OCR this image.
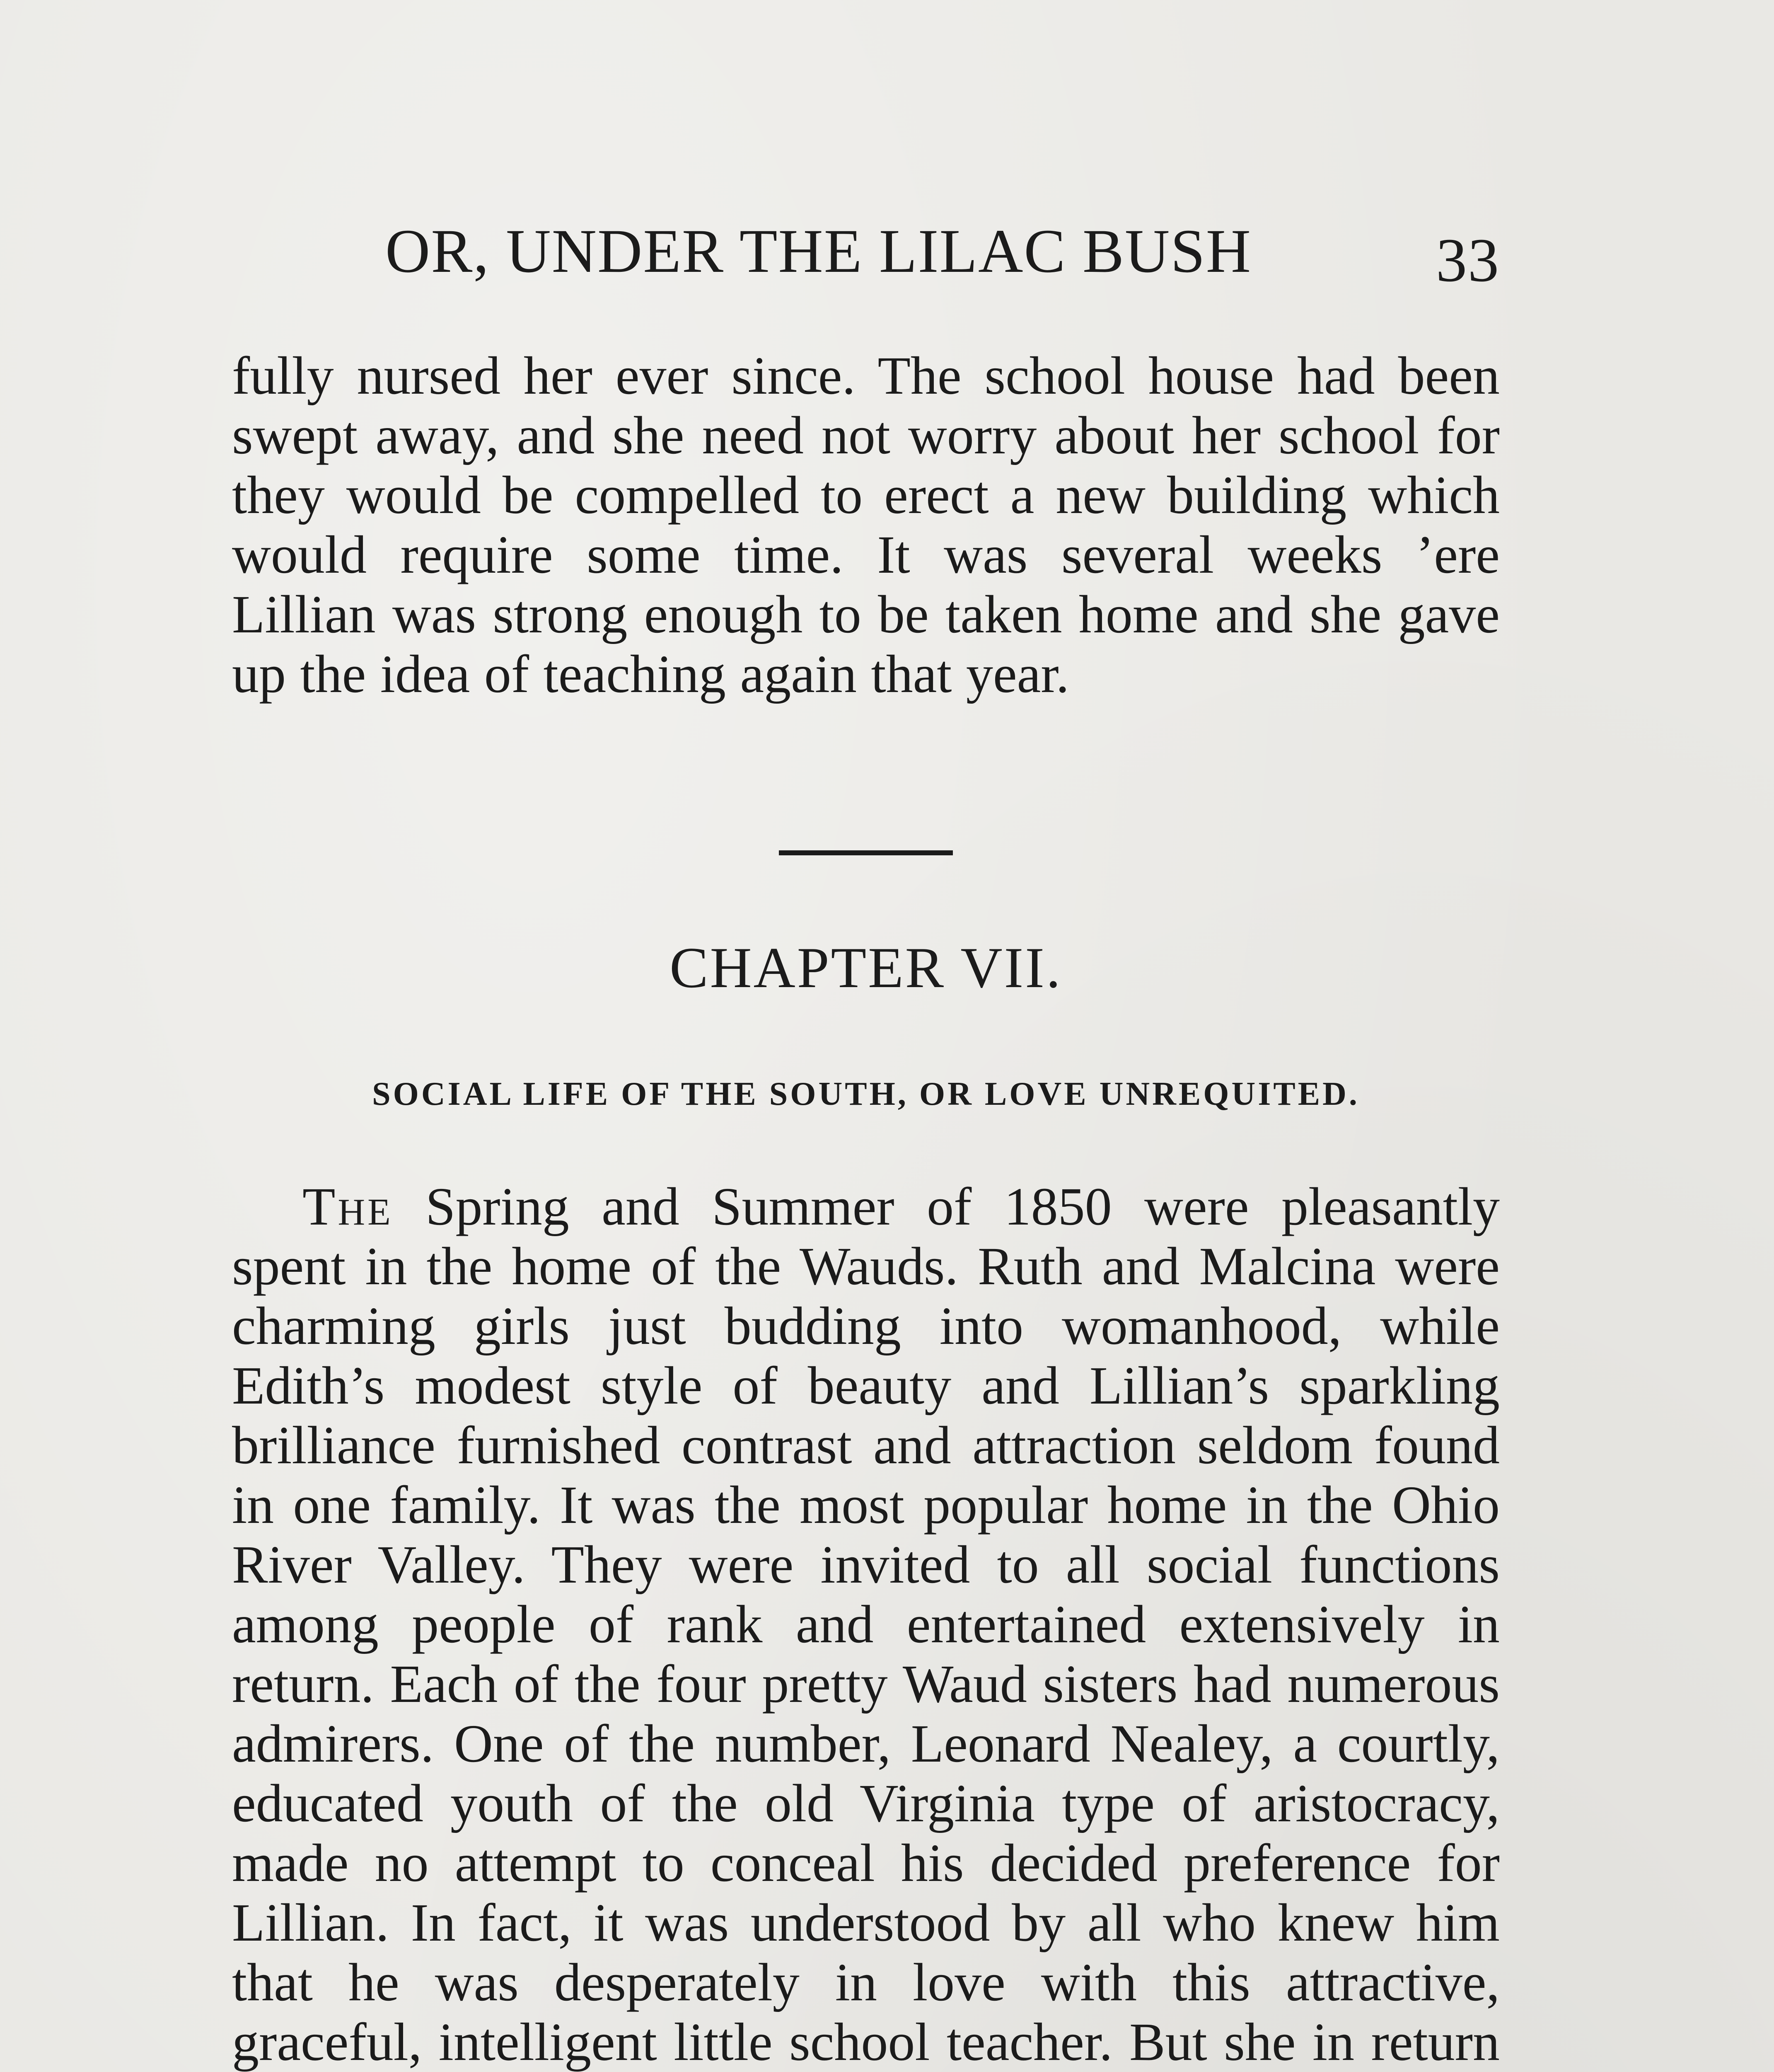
OR, UNDER THE LILAC BUSH	33

fully nursed her ever since. The school house had been swept away, and she need not worry about her school for they would be compelled to erect a new building which would require some time. It was several weeks ’ere Lillian was strong enough to be taken home and she gave up the idea of teaching again that year.

CHAPTER VII.
SOCIAL LIFE OF THE SOUTH, OR LOVE UNREQUITED.

The Spring and Summer of 1850 were pleasantly spent in the home of the Wauds. Ruth and Malcina were charming girls just budding into womanhood, while Edith’s modest style of beauty and Lillian’s sparkling brilliance furnished contrast and attraction seldom found in one family. It was the most popular home in the Ohio River Valley. They were invited to all social functions among people of rank and entertained extensively in return. Each of the four pretty Waud sisters had numerous admirers. One of the number, Leonard Nealey, a courtly, educated youth of the old Virginia type of aristocracy, made no attempt to conceal his decided preference for Lillian. In fact, it was understood by all who knew him that he was desperately in love with this attractive, graceful, intelligent little school teacher. But she in return
